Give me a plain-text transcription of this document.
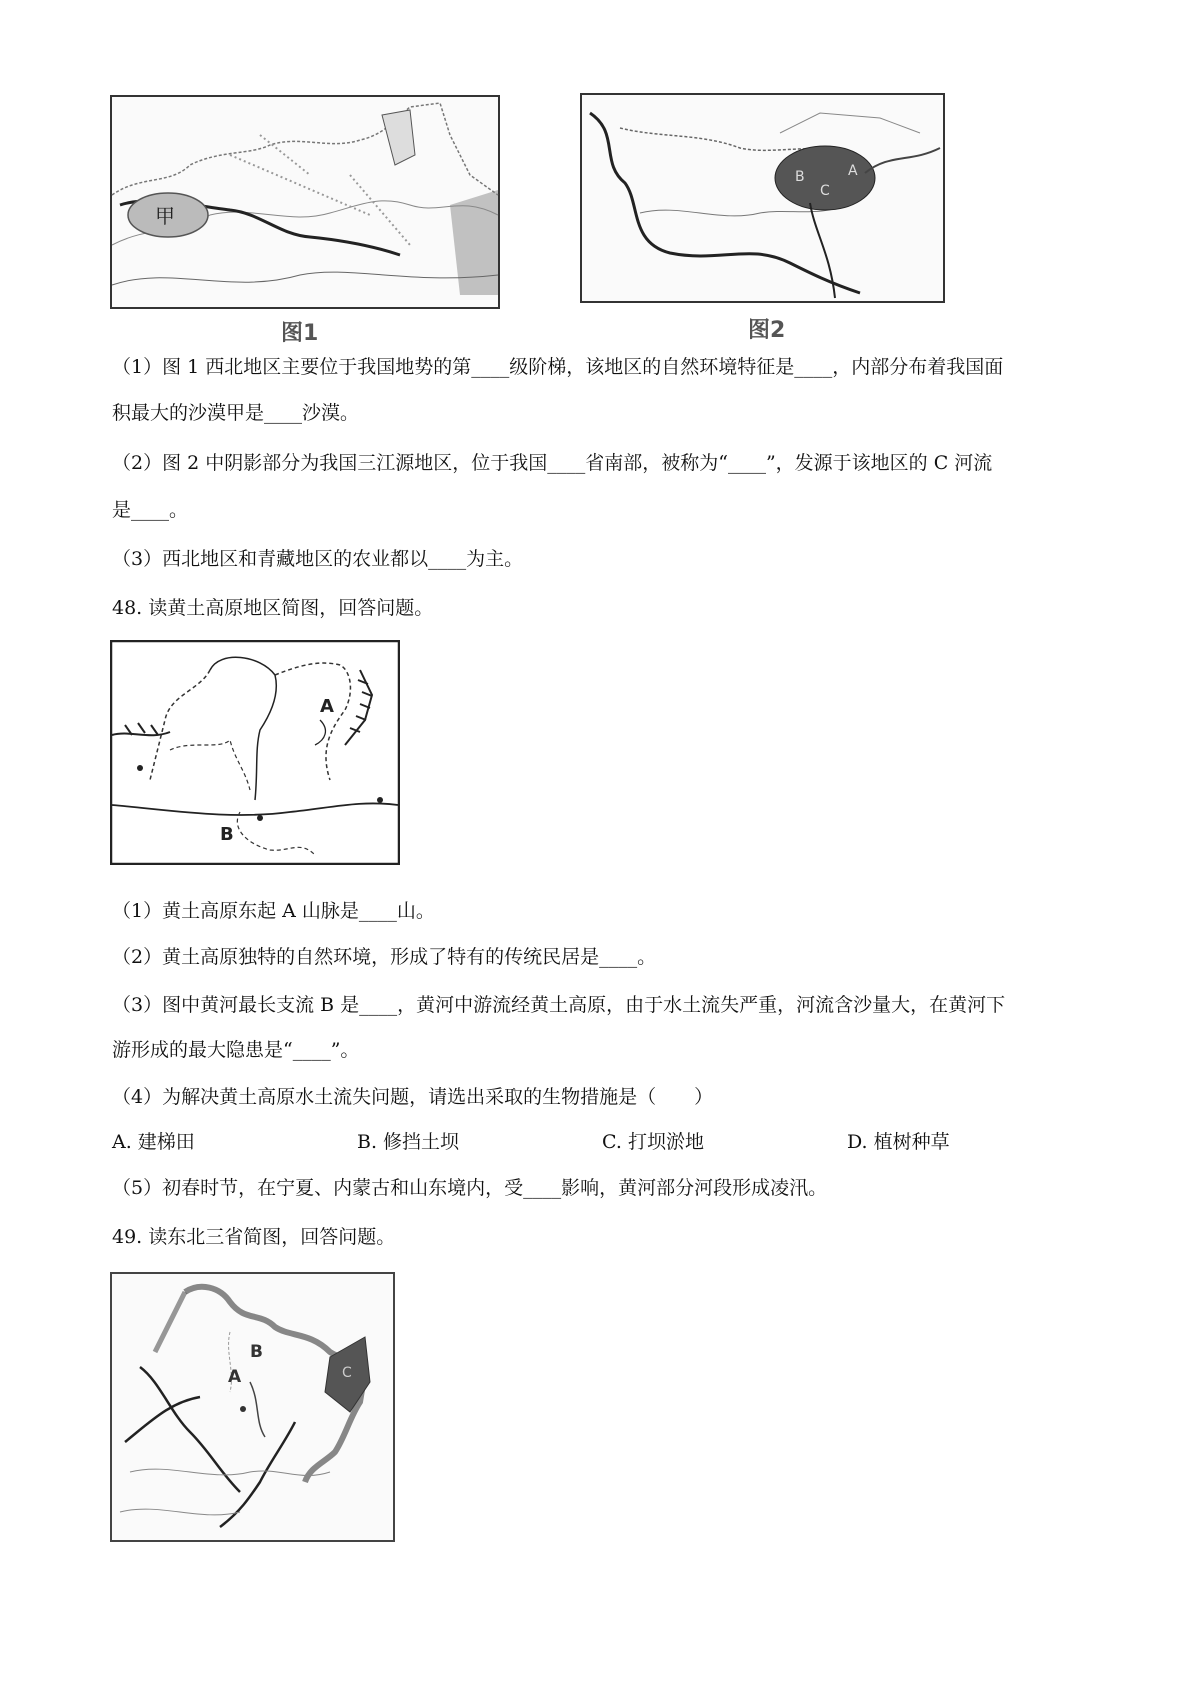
甲
图1
A
B
C
图2
（1）图 1 西北地区主要位于我国地势的第____级阶梯，该地区的自然环境特征是____，内部分布着我国面
积最大的沙漠甲是____沙漠。
（2）图 2 中阴影部分为我国三江源地区，位于我国____省南部，被称为“____”，发源于该地区的 C 河流
是____。
（3）西北地区和青藏地区的农业都以____为主。
48. 读黄土高原地区简图，回答问题。
A
B
（1）黄土高原东起 A 山脉是____山。
（2）黄土高原独特的自然环境，形成了特有的传统民居是____。
（3）图中黄河最长支流 B 是____，黄河中游流经黄土高原，由于水土流失严重，河流含沙量大，在黄河下
游形成的最大隐患是“____”。
（4）为解决黄土高原水土流失问题，请选出采取的生物措施是（　　）
A. 建梯田	B. 修挡土坝	C. 打坝淤地	D. 植树种草
（5）初春时节，在宁夏、内蒙古和山东境内，受____影响，黄河部分河段形成凌汛。
49. 读东北三省简图，回答问题。
C
B
A
